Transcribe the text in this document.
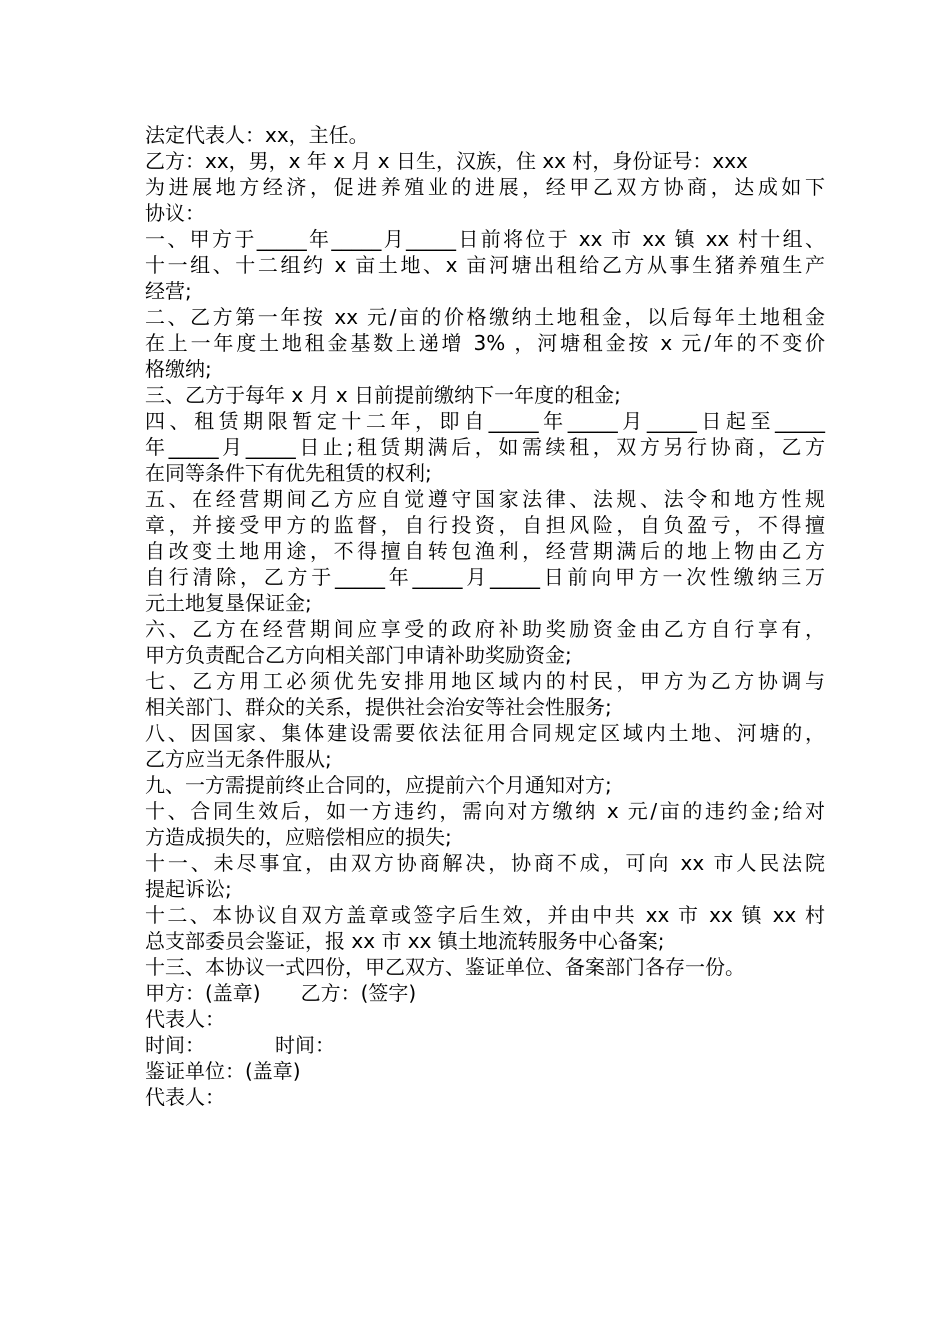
法定代表人：xx，主任。
乙方：xx，男，x 年 x 月 x 日生，汉族，住 xx 村，身份证号：xxx
为进展地方经济，促进养殖业的进展，经甲乙双方协商，达成如下
协议：
一、甲方于_____年_____月_____日前将位于 xx 市 xx 镇 xx 村十组、
十一组、十二组约 x 亩土地、x 亩河塘出租给乙方从事生猪养殖生产
经营;
二、乙方第一年按 xx 元/亩的价格缴纳土地租金，以后每年土地租金
在上一年度土地租金基数上递增 3% ，河塘租金按 x 元/年的不变价
格缴纳;
三、乙方于每年 x 月 x 日前提前缴纳下一年度的租金;
四、租赁期限暂定十二年，即自_____年_____月_____日起至_____
年_____月_____日止;租赁期满后，如需续租，双方另行协商，乙方
在同等条件下有优先租赁的权利;
五、在经营期间乙方应自觉遵守国家法律、法规、法令和地方性规
章，并接受甲方的监督，自行投资，自担风险，自负盈亏，不得擅
自改变土地用途，不得擅自转包渔利，经营期满后的地上物由乙方
自行清除，乙方于_____年_____月_____日前向甲方一次性缴纳三万
元土地复垦保证金;
六、乙方在经营期间应享受的政府补助奖励资金由乙方自行享有，
甲方负责配合乙方向相关部门申请补助奖励资金;
七、乙方用工必须优先安排用地区域内的村民，甲方为乙方协调与
相关部门、群众的关系，提供社会治安等社会性服务;
八、因国家、集体建设需要依法征用合同规定区域内土地、河塘的，
乙方应当无条件服从;
九、一方需提前终止合同的，应提前六个月通知对方;
十、合同生效后，如一方违约，需向对方缴纳 x 元/亩的违约金;给对
方造成损失的，应赔偿相应的损失;
十一、未尽事宜，由双方协商解决，协商不成，可向 xx 市人民法院
提起诉讼;
十二、本协议自双方盖章或签字后生效，并由中共 xx 市 xx 镇 xx 村
总支部委员会鉴证，报 xx 市 xx 镇土地流转服务中心备案;
十三、本协议一式四份，甲乙双方、鉴证单位、备案部门各存一份。
甲方：(盖章)　　乙方：(签字)
代表人：
时间：　　　　时间：
鉴证单位：(盖章)
代表人：
